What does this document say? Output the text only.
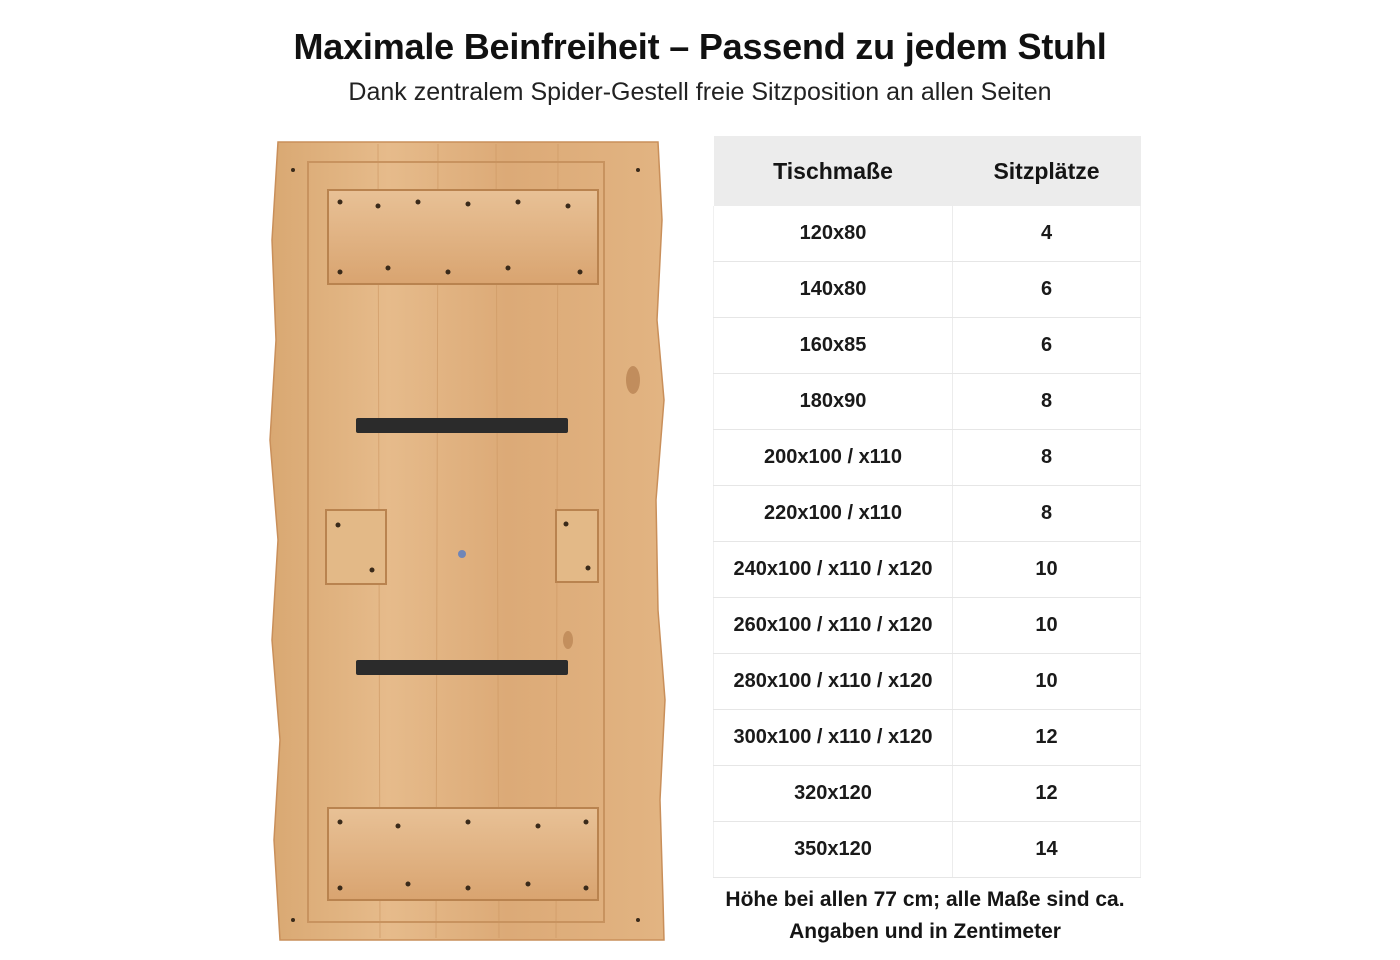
Maximale Beinfreiheit – Passend zu jedem Stuhl
Dank zentralem Spider-Gestell freie Sitzposition an allen Seiten
Tischmaße	Sitzplätze
120x80	4
140x80	6
160x85	6
180x90	8
200x100 / x110	8
220x100 / x110	8
240x100 / x110 / x120	10
260x100 / x110 / x120	10
280x100 / x110 / x120	10
300x100 / x110 / x120	12
320x120	12
350x120	14
Höhe bei allen 77 cm; alle Maße sind ca.
Angaben und in Zentimeter
